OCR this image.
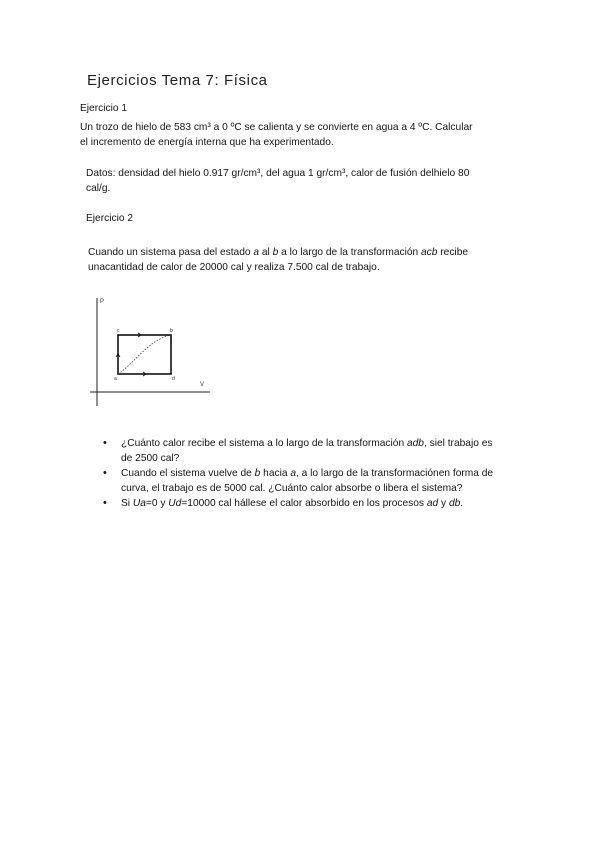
Ejercicios Tema 7: Física
Ejercicio 1
Un trozo de hielo de 583 cm³ a 0 ºC se calienta y se convierte en agua a 4 ºC. Calcular
el incremento de energía interna que ha experimentado.
Datos: densidad del hielo 0.917 gr/cm³, del agua 1 gr/cm³, calor de fusión delhielo 80
cal/g.
Ejercicio 2
Cuando un sistema pasa del estado a al b a lo largo de la transformación acb recibe
unacantidad de calor de 20000 cal y realiza 7.500 cal de trabajo.
P
V
c	b
a	d
• ¿Cuánto calor recibe el sistema a lo largo de la transformación adb, siel trabajo es de 2500 cal?
• Cuando el sistema vuelve de b hacia a, a lo largo de la transformaciónen forma de curva, el trabajo es de 5000 cal. ¿Cuánto calor absorbe o libera el sistema?
• Si Ua=0 y Ud=10000 cal hállese el calor absorbido en los procesos ad y db.
